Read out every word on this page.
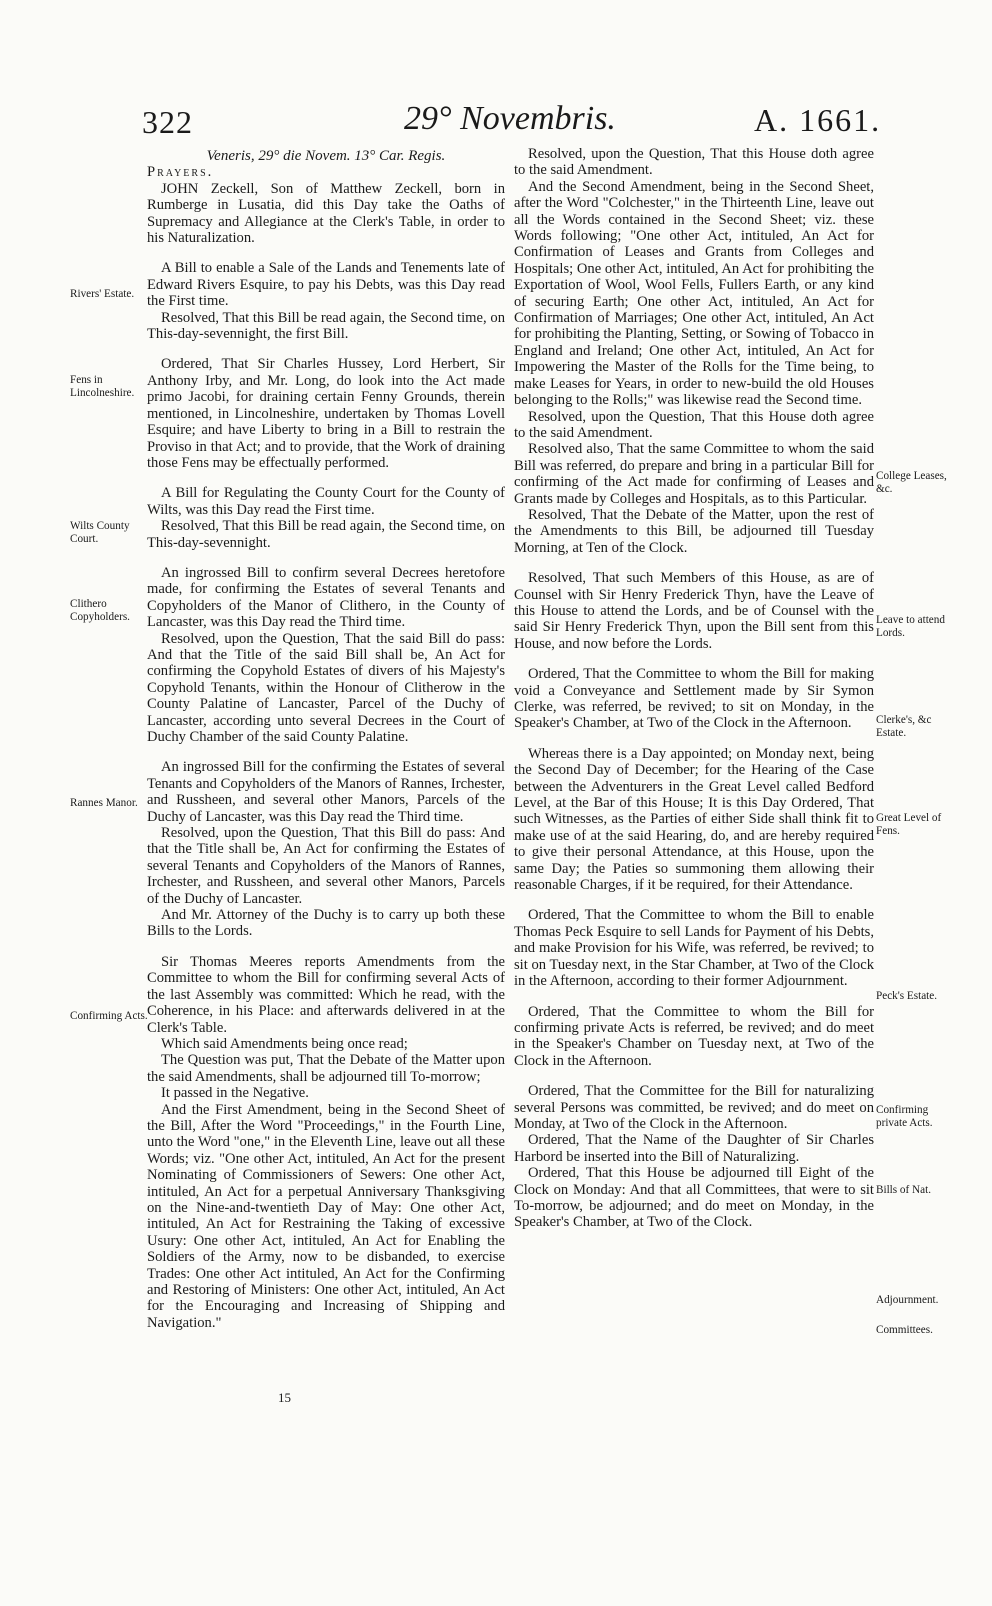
322	29° Novembris.	A. 1661.

Veneris, 29° die Novem. 13° Car. Regis.

Prayers.

JOHN Zeckell, Son of Matthew Zeckell, born in Rumberge in Lusatia, did this Day take the Oaths of Supremacy and Allegiance at the Clerk's Table, in order to his Naturalization.

A Bill to enable a Sale of the Lands and Tenements late of Edward Rivers Esquire, to pay his Debts, was this Day read the First time.

Resolved, That this Bill be read again, the Second time, on This-day-sevennight, the first Bill.

Ordered, That Sir Charles Hussey, Lord Herbert, Sir Anthony Irby, and Mr. Long, do look into the Act made primo Jacobi, for draining certain Fenny Grounds, therein mentioned, in Lincolneshire, undertaken by Thomas Lovell Esquire; and have Liberty to bring in a Bill to restrain the Proviso in that Act; and to provide, that the Work of draining those Fens may be effectually performed.

A Bill for Regulating the County Court for the County of Wilts, was this Day read the First time.

Resolved, That this Bill be read again, the Second time, on This-day-sevennight.

An ingrossed Bill to confirm several Decrees heretofore made, for confirming the Estates of several Tenants and Copyholders of the Manor of Clithero, in the County of Lancaster, was this Day read the Third time.

Resolved, upon the Question, That the said Bill do pass: And that the Title of the said Bill shall be, An Act for confirming the Copyhold Estates of divers of his Majesty's Copyhold Tenants, within the Honour of Clitherow in the County Palatine of Lancaster, Parcel of the Duchy of Lancaster, according unto several Decrees in the Court of Duchy Chamber of the said County Palatine.

An ingrossed Bill for the confirming the Estates of several Tenants and Copyholders of the Manors of Rannes, Irchester, and Russheen, and several other Manors, Parcels of the Duchy of Lancaster, was this Day read the Third time.

Resolved, upon the Question, That this Bill do pass: And that the Title shall be, An Act for confirming the Estates of several Tenants and Copyholders of the Manors of Rannes, Irchester, and Russheen, and several other Manors, Parcels of the Duchy of Lancaster.

And Mr. Attorney of the Duchy is to carry up both these Bills to the Lords.

Sir Thomas Meeres reports Amendments from the Committee to whom the Bill for confirming several Acts of the last Assembly was committed: Which he read, with the Coherence, in his Place: and afterwards delivered in at the Clerk's Table.

Which said Amendments being once read;

The Question was put, That the Debate of the Matter upon the said Amendments, shall be adjourned till To-morrow;

It passed in the Negative.

And the First Amendment, being in the Second Sheet of the Bill, After the Word "Proceedings," in the Fourth Line, unto the Word "one," in the Eleventh Line, leave out all these Words; viz. "One other Act, intituled, An Act for the present Nominating of Commissioners of Sewers: One other Act, intituled, An Act for a perpetual Anniversary Thanksgiving on the Nine-and-twentieth Day of May: One other Act, intituled, An Act for Restraining the Taking of excessive Usury: One other Act, intituled, An Act for Enabling the Soldiers of the Army, now to be disbanded, to exercise Trades: One other Act intituled, An Act for the Confirming and Restoring of Ministers: One other Act, intituled, An Act for the Encouraging and Increasing of Shipping and Navigation."

Resolved, upon the Question, That this House doth agree to the said Amendment.

And the Second Amendment, being in the Second Sheet, after the Word "Colchester," in the Thirteenth Line, leave out all the Words contained in the Second Sheet; viz. these Words following; "One other Act, intituled, An Act for Confirmation of Leases and Grants from Colleges and Hospitals; One other Act, intituled, An Act for prohibiting the Exportation of Wool, Wool Fells, Fullers Earth, or any kind of securing Earth; One other Act, intituled, An Act for Confirmation of Marriages; One other Act, intituled, An Act for prohibiting the Planting, Setting, or Sowing of Tobacco in England and Ireland; One other Act, intituled, An Act for Impowering the Master of the Rolls for the Time being, to make Leases for Years, in order to new-build the old Houses belonging to the Rolls;" was likewise read the Second time.

Resolved, upon the Question, That this House doth agree to the said Amendment.

Resolved also, That the same Committee to whom the said Bill was referred, do prepare and bring in a particular Bill for confirming of the Act made for confirming of Leases and Grants made by Colleges and Hospitals, as to this Particular.

Resolved, That the Debate of the Matter, upon the rest of the Amendments to this Bill, be adjourned till Tuesday Morning, at Ten of the Clock.

Resolved, That such Members of this House, as are of Counsel with Sir Henry Frederick Thyn, have the Leave of this House to attend the Lords, and be of Counsel with the said Sir Henry Frederick Thyn, upon the Bill sent from this House, and now before the Lords.

Ordered, That the Committee to whom the Bill for making void a Conveyance and Settlement made by Sir Symon Clerke, was referred, be revived; to sit on Monday, in the Speaker's Chamber, at Two of the Clock in the Afternoon.

Whereas there is a Day appointed; on Monday next, being the Second Day of December; for the Hearing of the Case between the Adventurers in the Great Level called Bedford Level, at the Bar of this House; It is this Day Ordered, That such Witnesses, as the Parties of either Side shall think fit to make use of at the said Hearing, do, and are hereby required to give their personal Attendance, at this House, upon the same Day; the Paties so summoning them allowing their reasonable Charges, if it be required, for their Attendance.

Ordered, That the Committee to whom the Bill to enable Thomas Peck Esquire to sell Lands for Payment of his Debts, and make Provision for his Wife, was referred, be revived; to sit on Tuesday next, in the Star Chamber, at Two of the Clock in the Afternoon, according to their former Adjournment.

Ordered, That the Committee to whom the Bill for confirming private Acts is referred, be revived; and do meet in the Speaker's Chamber on Tuesday next, at Two of the Clock in the Afternoon.

Ordered, That the Committee for the Bill for naturalizing several Persons was committed, be revived; and do meet on Monday, at Two of the Clock in the Afternoon.

Ordered, That the Name of the Daughter of Sir Charles Harbord be inserted into the Bill of Naturalizing.

Ordered, That this House be adjourned till Eight of the Clock on Monday: And that all Committees, that were to sit To-morrow, be adjourned; and do meet on Monday, in the Speaker's Chamber, at Two of the Clock.

Rivers' Estate.
Fens in Lincolneshire.
Wilts County Court.
Clithero Copyholders.
Rannes Manor.
Confirming Acts.
College Leases, &c.
Leave to attend Lords.
Clerke's, &c Estate.
Great Level of Fens.
Peck's Estate.
Confirming private Acts.
Bills of Nat.
Adjournment.
Committees.
15
